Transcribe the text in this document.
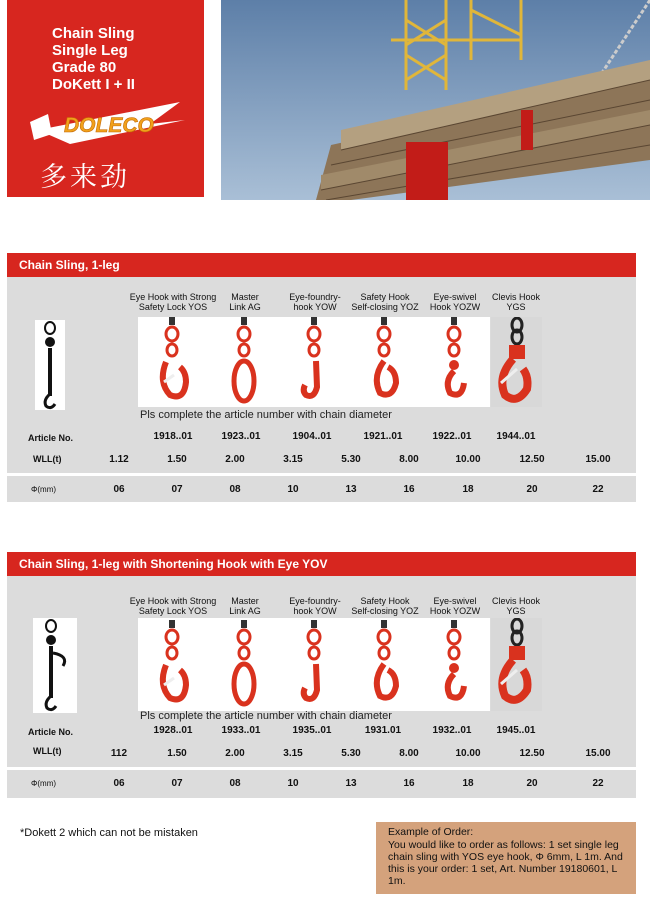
Chain Sling
Single Leg
Grade 80
DoKett I + II
DOLECO
多来劲
Chain Sling, 1-leg
Eye Hook with Strong Safety Lock YOS
Master Link AG
Eye-foundry-hook YOW
Safety Hook Self-closing YOZ
Eye-swivel Hook YOZW
Clevis Hook YGS
Pls complete the article number with chain diameter
Article No.	1918..01	1923..01	1904..01	1921..01	1922..01	1944..01
WLL(t)	1.12	1.50	2.00	3.15	5.30	8.00	10.00	12.50	15.00
Φ(mm)	06	07	08	10	13	16	18	20	22
Chain Sling, 1-leg with Shortening Hook with Eye YOV
Eye Hook with Strong Safety Lock YOS
Master Link AG
Eye-foundry-hook YOW
Safety Hook Self-closing YOZ
Eye-swivel Hook YOZW
Clevis Hook YGS
Pls complete the article number with chain diameter
Article No.	1928..01	1933..01	1935..01	1931.01	1932..01	1945..01
WLL(t)	112	1.50	2.00	3.15	5.30	8.00	10.00	12.50	15.00
Φ(mm)	06	07	08	10	13	16	18	20	22
*Dokett 2 which can not be mistaken	Example of Order:
You would like to order as follows: 1 set single leg chain sling with YOS eye hook, Φ 6mm, L 1m. And this is your order: 1 set, Art. Number 19180601, L 1m.
